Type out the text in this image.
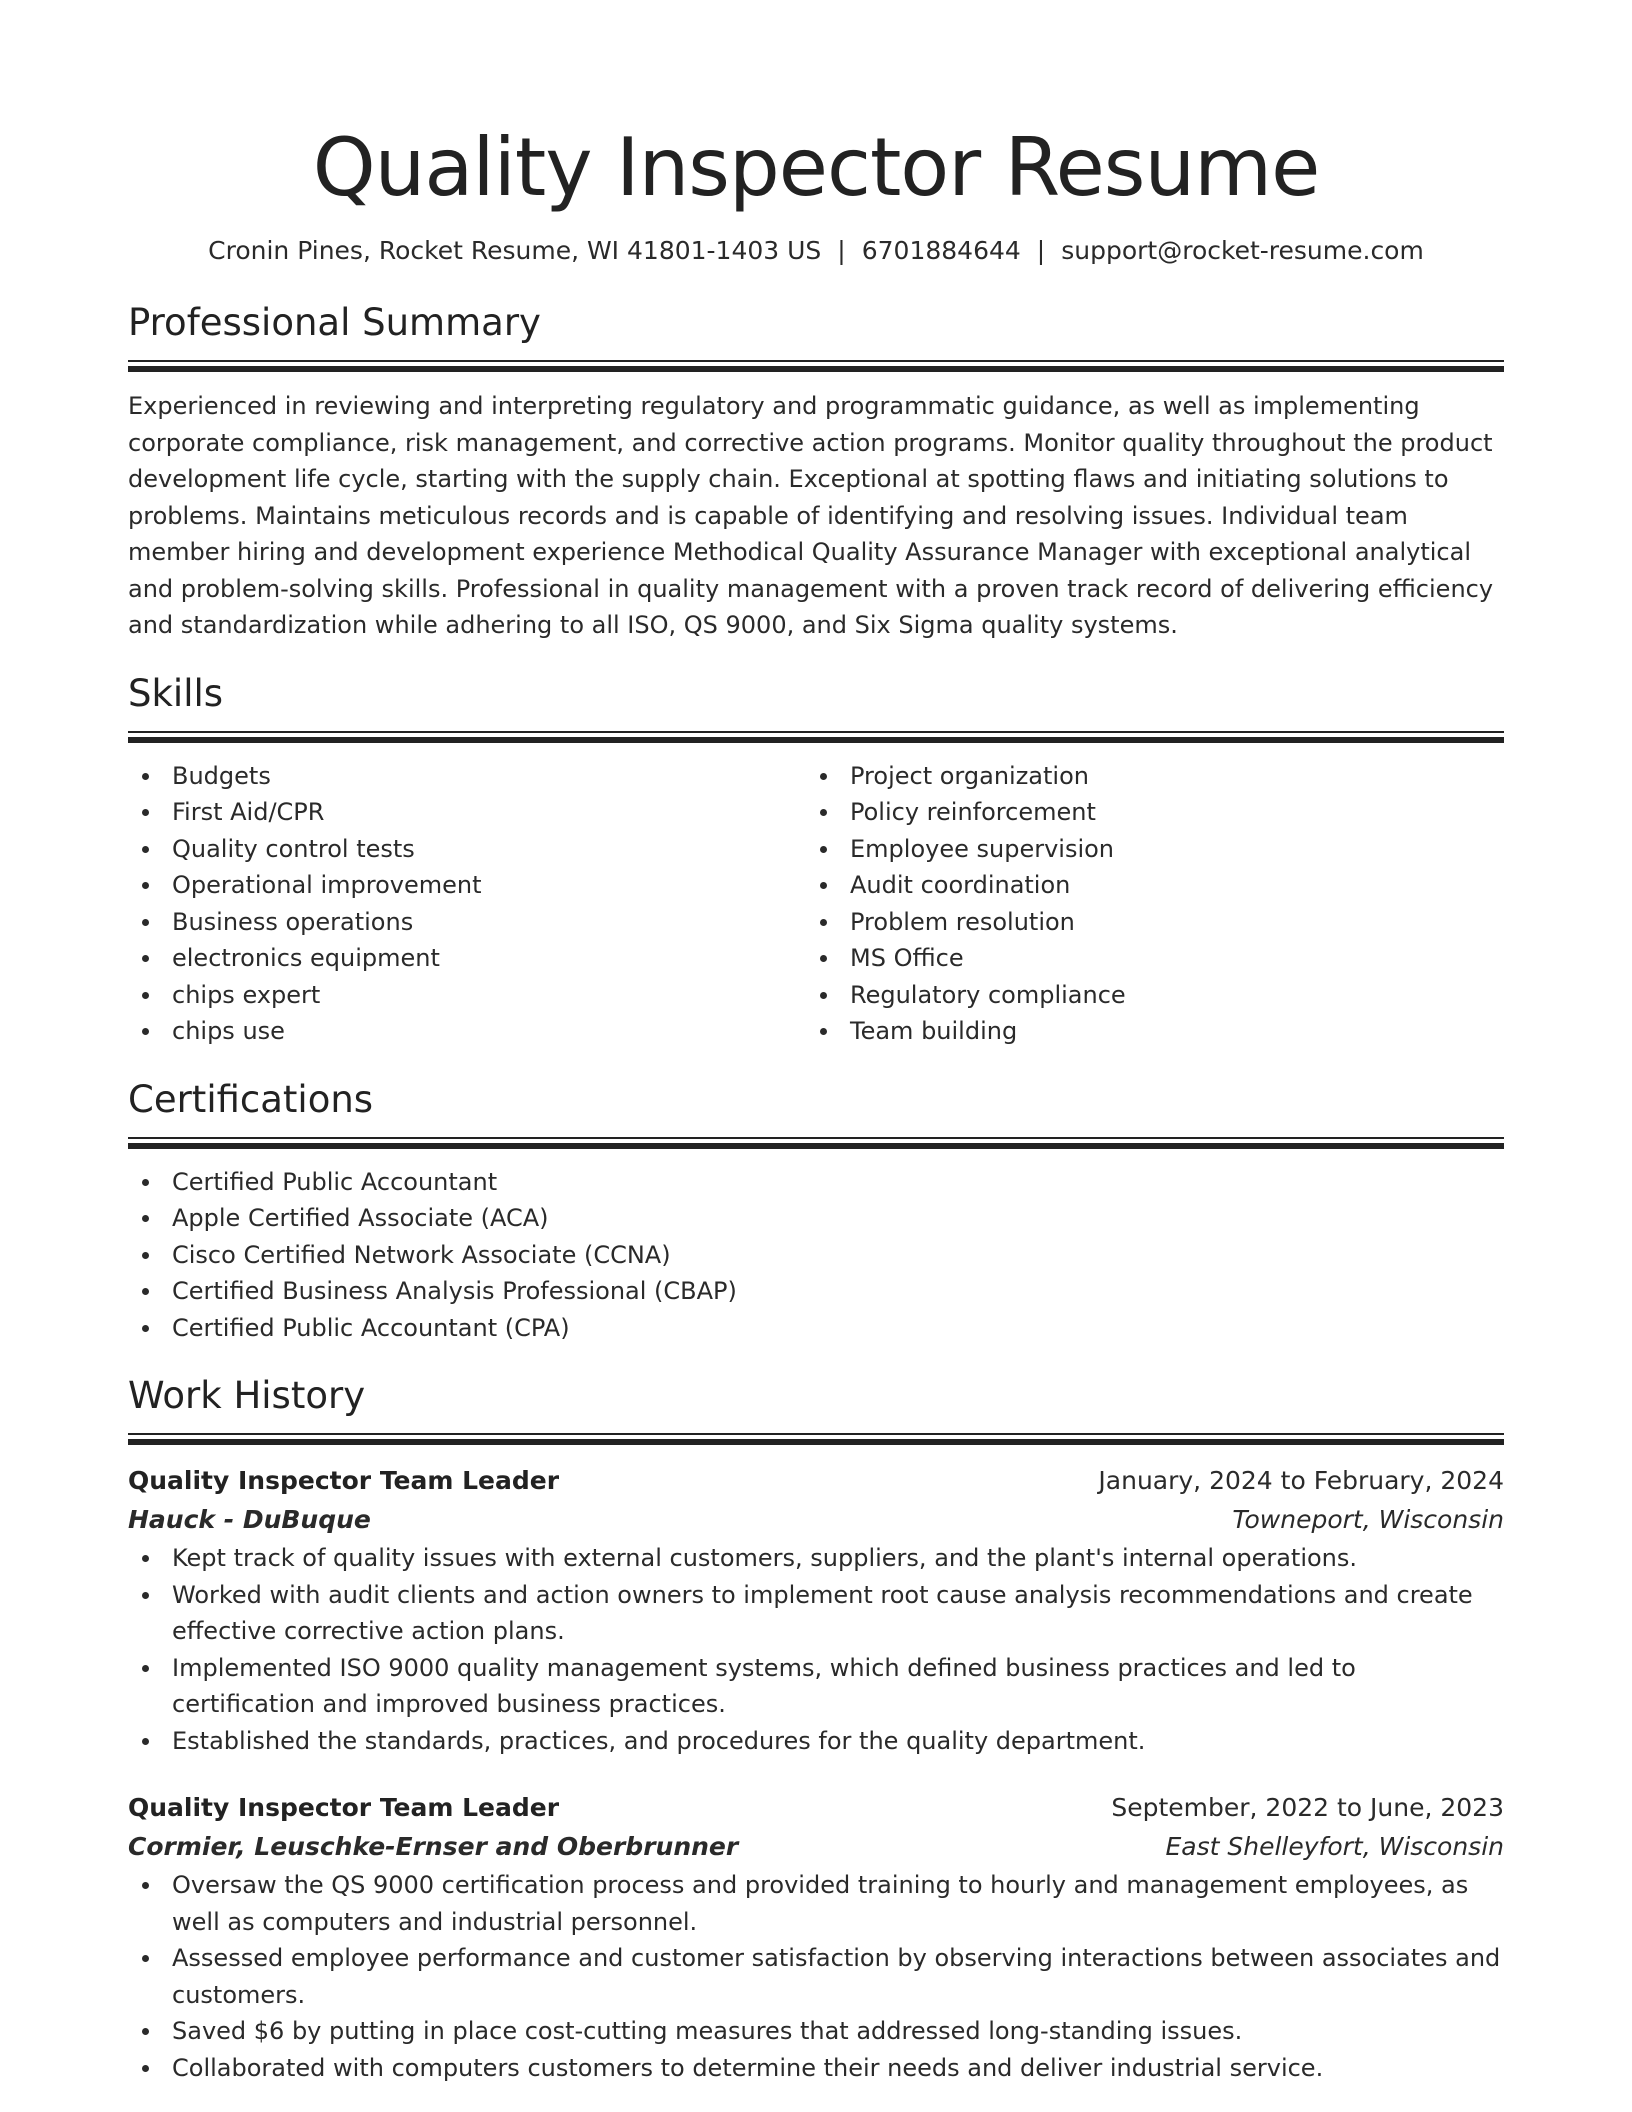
Quality Inspector Resume
Cronin Pines, Rocket Resume, WI 41801-1403 US | 6701884644 | support@rocket-resume.com
Professional Summary

Experienced in reviewing and interpreting regulatory and programmatic guidance, as well as implementing corporate compliance, risk management, and corrective action programs. Monitor quality throughout the product development life cycle, starting with the supply chain. Exceptional at spotting flaws and initiating solutions to problems. Maintains meticulous records and is capable of identifying and resolving issues. Individual team member hiring and development experience Methodical Quality Assurance Manager with exceptional analytical and problem-solving skills. Professional in quality management with a proven track record of delivering efficiency and standardization while adhering to all ISO, QS 9000, and Six Sigma quality systems.

Skills
Budgets
First Aid/CPR
Quality control tests
Operational improvement
Business operations
electronics equipment
chips expert
chips use
Project organization
Policy reinforcement
Employee supervision
Audit coordination
Problem resolution
MS Office
Regulatory compliance
Team building
Certifications
Certified Public Accountant
Apple Certified Associate (ACA)
Cisco Certified Network Associate (CCNA)
Certified Business Analysis Professional (CBAP)
Certified Public Accountant (CPA)
Work History
Quality Inspector Team Leader	January, 2024 to February, 2024
Hauck - DuBuque	Towneport, Wisconsin
Kept track of quality issues with external customers, suppliers, and the plant's internal operations.
Worked with audit clients and action owners to implement root cause analysis recommendations and create effective corrective action plans.
Implemented ISO 9000 quality management systems, which defined business practices and led to certification and improved business practices.
Established the standards, practices, and procedures for the quality department.
Quality Inspector Team Leader	September, 2022 to June, 2023
Cormier, Leuschke-Ernser and Oberbrunner	East Shelleyfort, Wisconsin
Oversaw the QS 9000 certification process and provided training to hourly and management employees, as well as computers and industrial personnel.
Assessed employee performance and customer satisfaction by observing interactions between associates and customers.
Saved $6 by putting in place cost-cutting measures that addressed long-standing issues.
Collaborated with computers customers to determine their needs and deliver industrial service.
